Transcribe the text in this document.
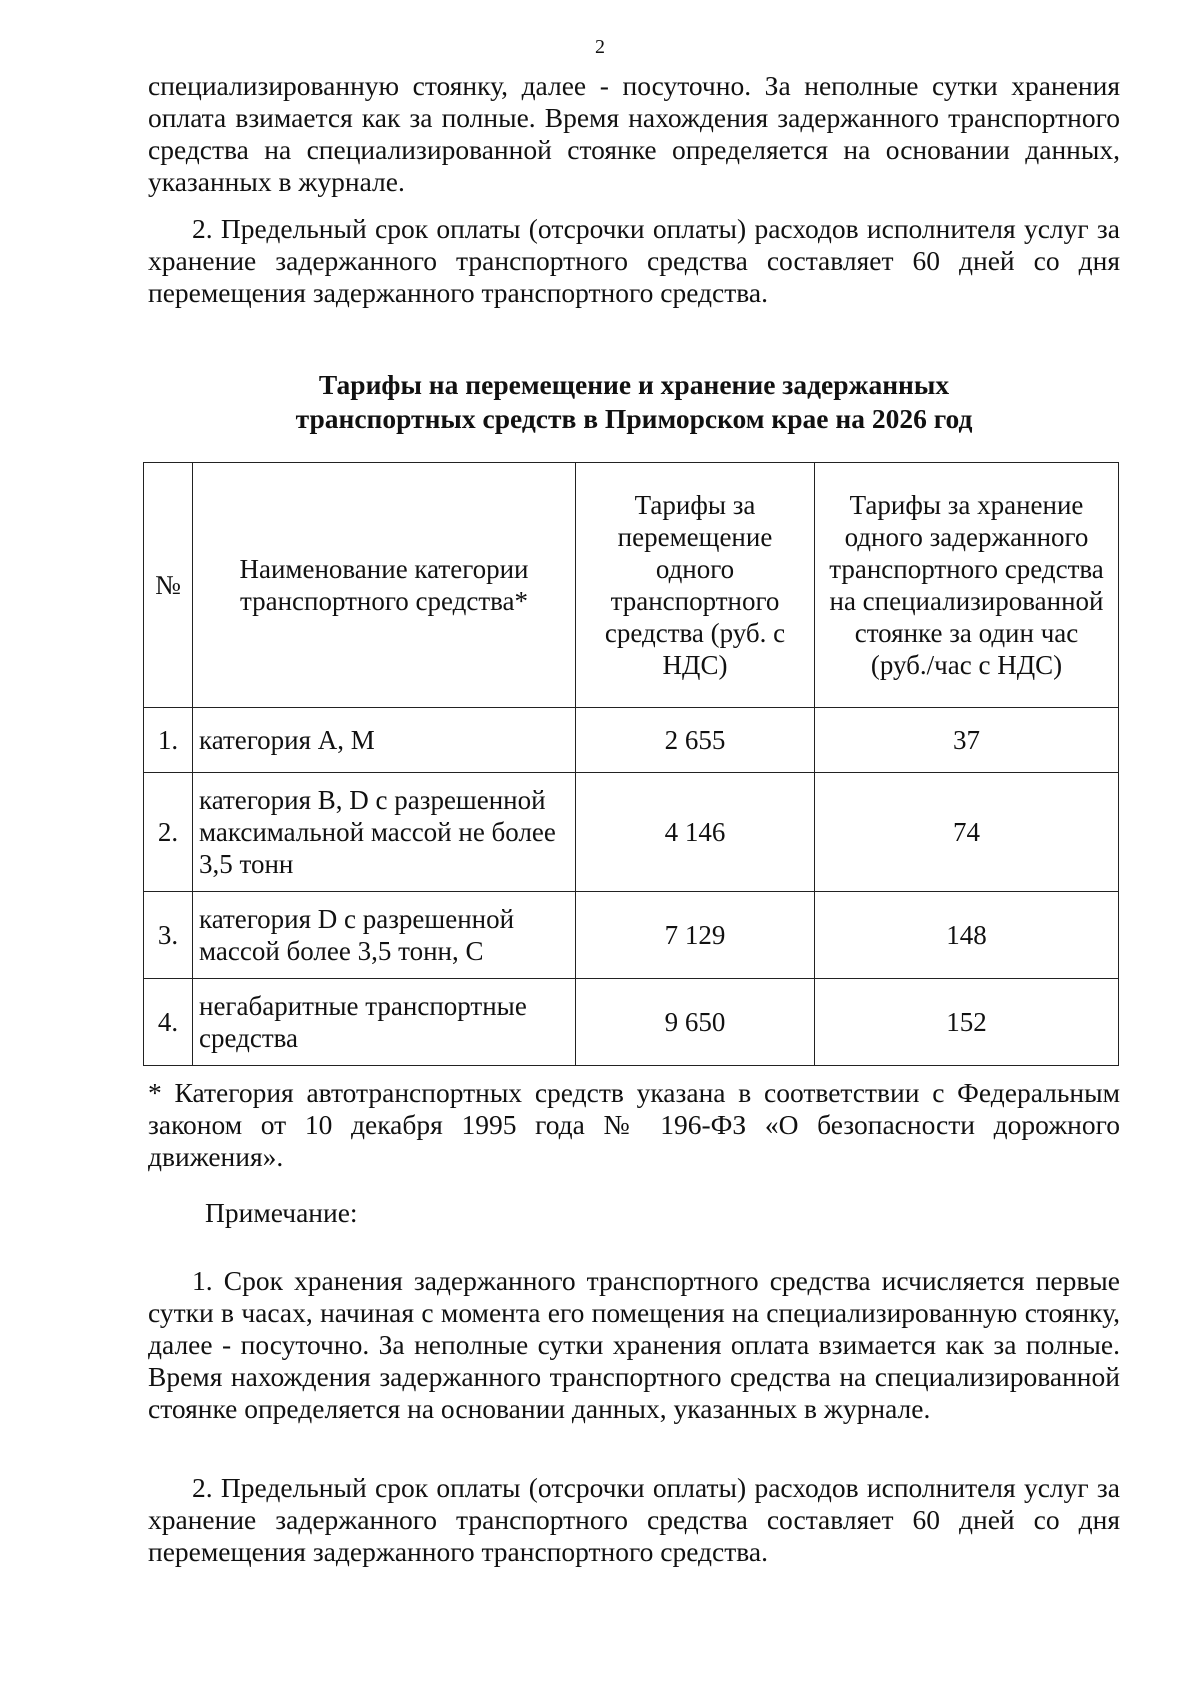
2
специализированную стоянку, далее - посуточно. За неполные сутки хранения оплата взимается как за полные. Время нахождения задержанного транспортного средства на специализированной стоянке определяется на основании данных, указанных в журнале.
2. Предельный срок оплаты (отсрочки оплаты) расходов исполнителя услуг за хранение задержанного транспортного средства составляет 60 дней со дня перемещения задержанного транспортного средства.
Тарифы на перемещение и хранение задержанных
транспортных средств в Приморском крае на 2026 год
№	Наименование категории транспортного средства*	Тарифы за перемещение одного транспортного средства (руб. с НДС)	Тарифы за хранение одного задержанного транспортного средства на специализированной стоянке за один час (руб./час с НДС)
1.	категория A, M	2 655	37
2.	категория B, D с разрешенной максимальной массой не более 3,5 тонн	4 146	74
3.	категория D с разрешенной массой более 3,5 тонн, C	7 129	148
4.	негабаритные транспортные средства	9 650	152
* Категория автотранспортных средств указана в соответствии с Федеральным законом от 10 декабря 1995 года № 196-ФЗ «О безопасности дорожного движения».
Примечание:
1. Срок хранения задержанного транспортного средства исчисляется первые сутки в часах, начиная с момента его помещения на специализированную стоянку, далее - посуточно. За неполные сутки хранения оплата взимается как за полные. Время нахождения задержанного транспортного средства на специализированной стоянке определяется на основании данных, указанных в журнале.
2. Предельный срок оплаты (отсрочки оплаты) расходов исполнителя услуг за хранение задержанного транспортного средства составляет 60 дней со дня перемещения задержанного транспортного средства.
